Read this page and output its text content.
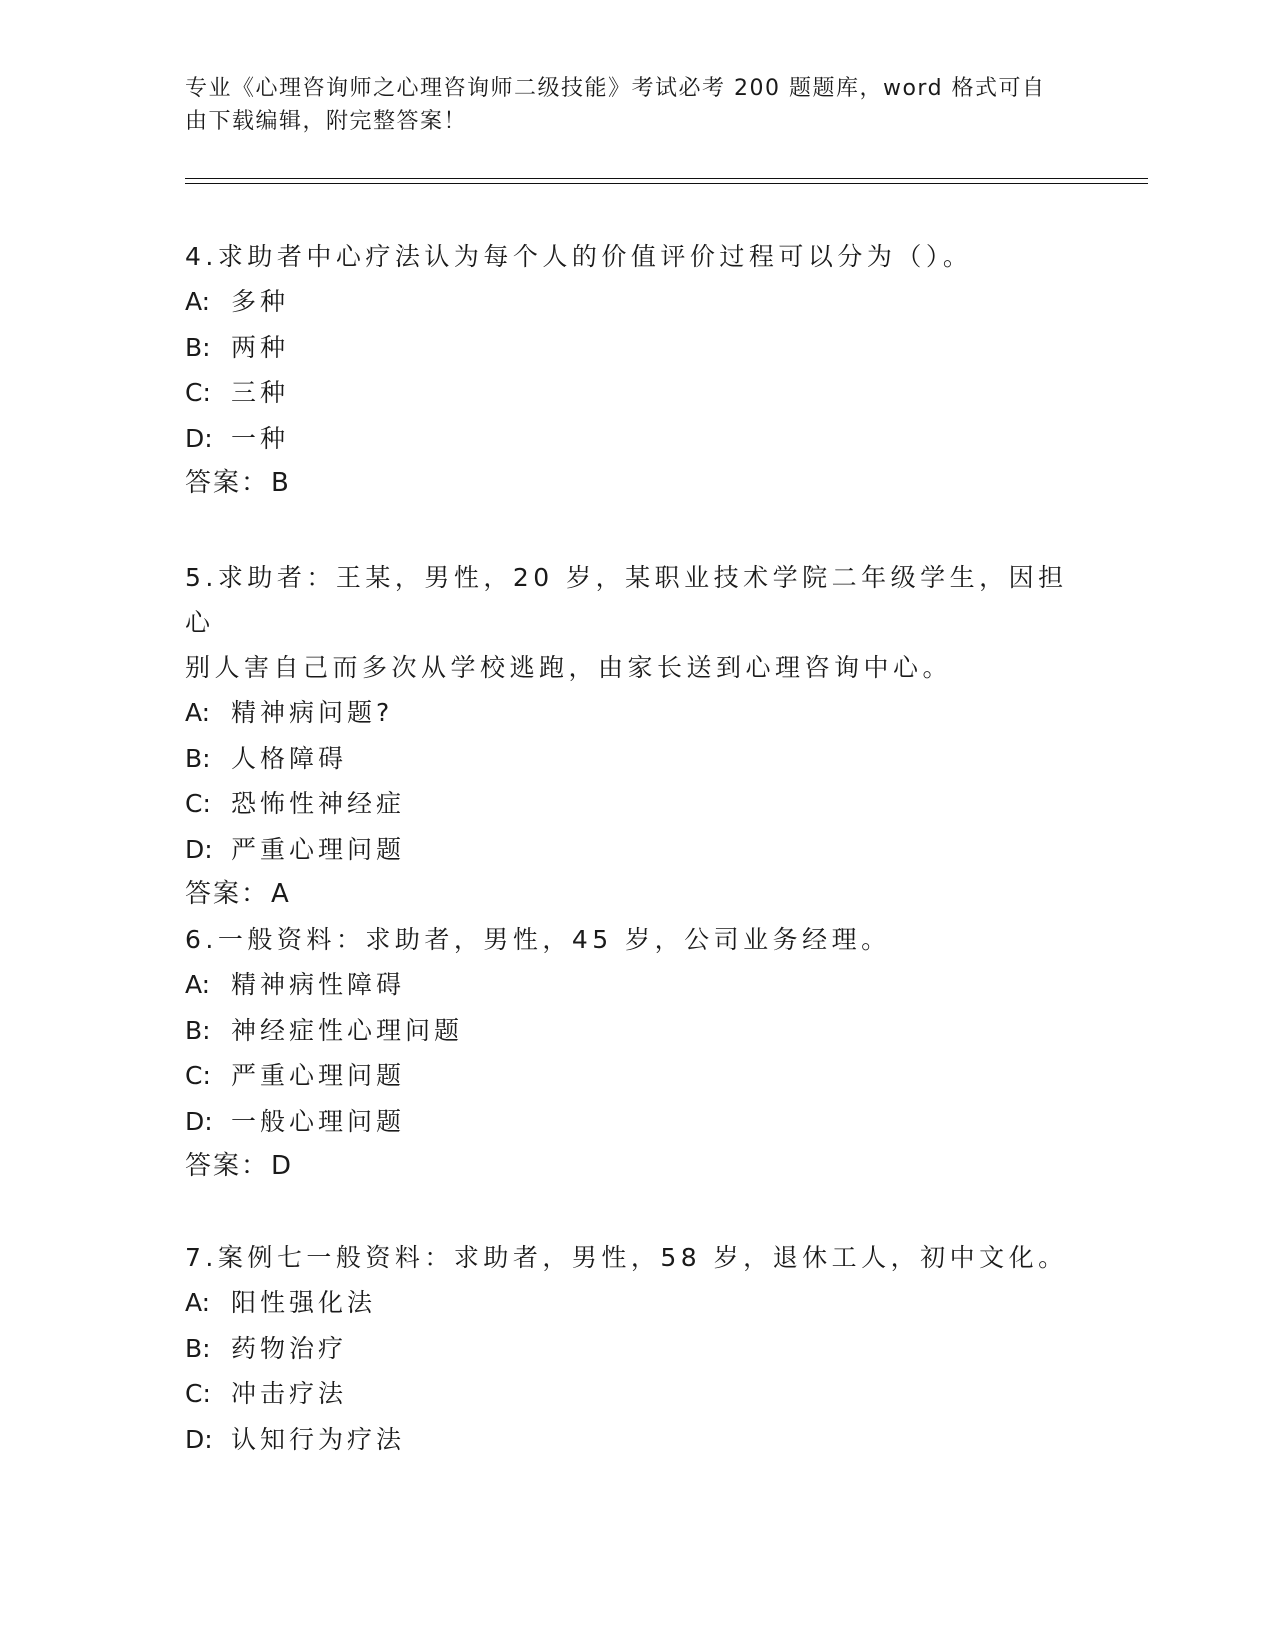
专业《心理咨询师之心理咨询师二级技能》考试必考 200 题题库，word 格式可自
由下载编辑，附完整答案！

4.求助者中心疗法认为每个人的价值评价过程可以分为（）。

A: 多种

B: 两种

C: 三种

D: 一种

答案：B

5.求助者：王某，男性，20 岁，某职业技术学院二年级学生，因担心

别人害自己而多次从学校逃跑，由家长送到心理咨询中心。

A: 精神病问题?

B: 人格障碍

C: 恐怖性神经症

D: 严重心理问题

答案：A

6.一般资料：求助者，男性，45 岁，公司业务经理。

A: 精神病性障碍

B: 神经症性心理问题

C: 严重心理问题

D: 一般心理问题

答案：D

7.案例七一般资料：求助者，男性，58 岁，退休工人，初中文化。

A: 阳性强化法

B: 药物治疗

C: 冲击疗法

D: 认知行为疗法
